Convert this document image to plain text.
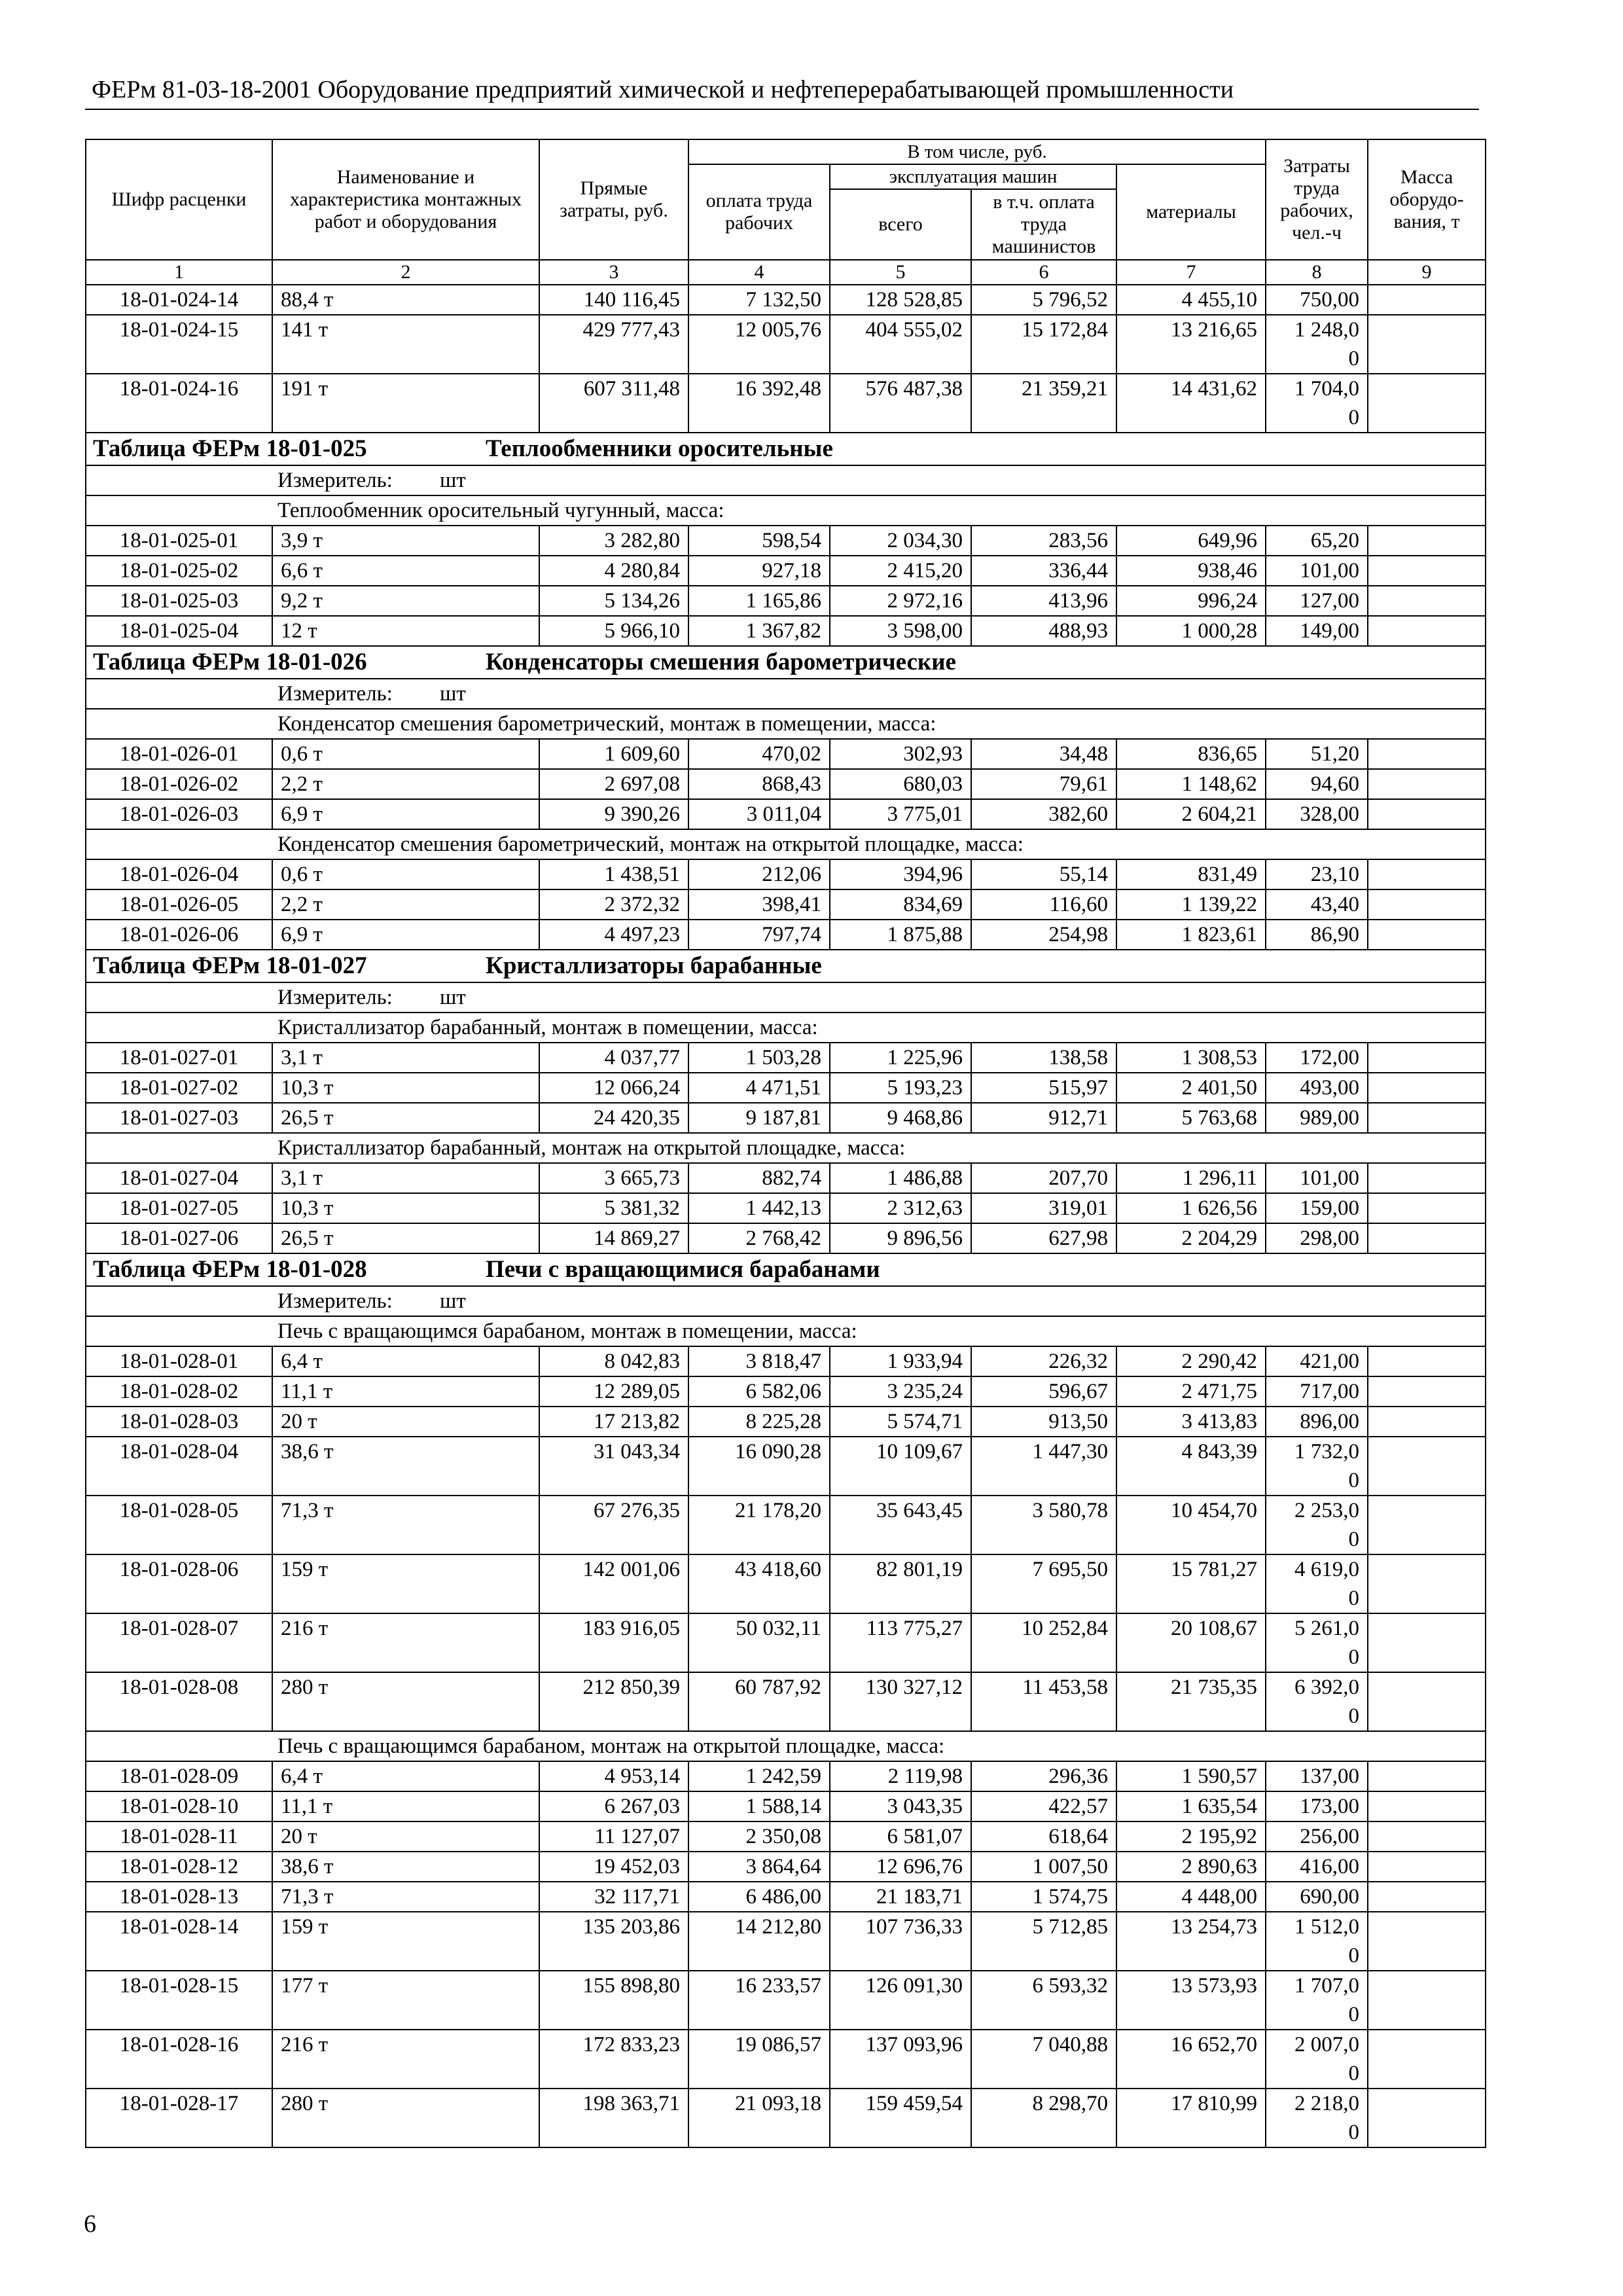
ФЕРм 81-03-18-2001 Оборудование предприятий химической и нефтеперерабатывающей промышленности
Шифр расценки	Наименование и характеристика монтажных работ и оборудования	Прямые затраты, руб.	В том числе, руб.				Затраты труда рабочих, чел.-ч	Масса оборудо-вания, т
			оплата труда рабочих	эксплуатация машин		материалы		
				всего	в т.ч. оплата труда машинистов			
1	2	3	4	5	6	7	8	9
18-01-024-14	88,4 т	140 116,45	7 132,50	128 528,85	5 796,52	4 455,10	750,00	

18-01-024-15	141 т	429 777,43	12 005,76	404 555,02	15 172,84	13 216,65	1 248,0
0	

18-01-024-16	191 т	607 311,48	16 392,48	576 487,38	21 359,21	14 431,62	1 704,0
0	

Таблица ФЕРм 18-01-025 Теплообменники оросительные								
Измеритель: шт								
Теплообменник оросительный чугунный, масса:								
18-01-025-01	3,9 т	3 282,80	598,54	2 034,30	283,56	649,96	65,20	

18-01-025-02	6,6 т	4 280,84	927,18	2 415,20	336,44	938,46	101,00	

18-01-025-03	9,2 т	5 134,26	1 165,86	2 972,16	413,96	996,24	127,00	

18-01-025-04	12 т	5 966,10	1 367,82	3 598,00	488,93	1 000,28	149,00	

Таблица ФЕРм 18-01-026 Конденсаторы смешения барометрические								
Измеритель: шт								
Конденсатор смешения барометрический, монтаж в помещении, масса:								
18-01-026-01	0,6 т	1 609,60	470,02	302,93	34,48	836,65	51,20	

18-01-026-02	2,2 т	2 697,08	868,43	680,03	79,61	1 148,62	94,60	

18-01-026-03	6,9 т	9 390,26	3 011,04	3 775,01	382,60	2 604,21	328,00	

Конденсатор смешения барометрический, монтаж на открытой площадке, масса:								
18-01-026-04	0,6 т	1 438,51	212,06	394,96	55,14	831,49	23,10	

18-01-026-05	2,2 т	2 372,32	398,41	834,69	116,60	1 139,22	43,40	

18-01-026-06	6,9 т	4 497,23	797,74	1 875,88	254,98	1 823,61	86,90	

Таблица ФЕРм 18-01-027 Кристаллизаторы барабанные								
Измеритель: шт								
Кристаллизатор барабанный, монтаж в помещении, масса:								
18-01-027-01	3,1 т	4 037,77	1 503,28	1 225,96	138,58	1 308,53	172,00	

18-01-027-02	10,3 т	12 066,24	4 471,51	5 193,23	515,97	2 401,50	493,00	

18-01-027-03	26,5 т	24 420,35	9 187,81	9 468,86	912,71	5 763,68	989,00	

Кристаллизатор барабанный, монтаж на открытой площадке, масса:								
18-01-027-04	3,1 т	3 665,73	882,74	1 486,88	207,70	1 296,11	101,00	

18-01-027-05	10,3 т	5 381,32	1 442,13	2 312,63	319,01	1 626,56	159,00	

18-01-027-06	26,5 т	14 869,27	2 768,42	9 896,56	627,98	2 204,29	298,00	

Таблица ФЕРм 18-01-028 Печи с вращающимися барабанами								
Измеритель: шт								
Печь с вращающимся барабаном, монтаж в помещении, масса:								
18-01-028-01	6,4 т	8 042,83	3 818,47	1 933,94	226,32	2 290,42	421,00	

18-01-028-02	11,1 т	12 289,05	6 582,06	3 235,24	596,67	2 471,75	717,00	

18-01-028-03	20 т	17 213,82	8 225,28	5 574,71	913,50	3 413,83	896,00	

18-01-028-04	38,6 т	31 043,34	16 090,28	10 109,67	1 447,30	4 843,39	1 732,0
0	

18-01-028-05	71,3 т	67 276,35	21 178,20	35 643,45	3 580,78	10 454,70	2 253,0
0	

18-01-028-06	159 т	142 001,06	43 418,60	82 801,19	7 695,50	15 781,27	4 619,0
0	

18-01-028-07	216 т	183 916,05	50 032,11	113 775,27	10 252,84	20 108,67	5 261,0
0	

18-01-028-08	280 т	212 850,39	60 787,92	130 327,12	11 453,58	21 735,35	6 392,0
0	

Печь с вращающимся барабаном, монтаж на открытой площадке, масса:								
18-01-028-09	6,4 т	4 953,14	1 242,59	2 119,98	296,36	1 590,57	137,00	

18-01-028-10	11,1 т	6 267,03	1 588,14	3 043,35	422,57	1 635,54	173,00	

18-01-028-11	20 т	11 127,07	2 350,08	6 581,07	618,64	2 195,92	256,00	

18-01-028-12	38,6 т	19 452,03	3 864,64	12 696,76	1 007,50	2 890,63	416,00	

18-01-028-13	71,3 т	32 117,71	6 486,00	21 183,71	1 574,75	4 448,00	690,00	

18-01-028-14	159 т	135 203,86	14 212,80	107 736,33	5 712,85	13 254,73	1 512,0
0	

18-01-028-15	177 т	155 898,80	16 233,57	126 091,30	6 593,32	13 573,93	1 707,0
0	

18-01-028-16	216 т	172 833,23	19 086,57	137 093,96	7 040,88	16 652,70	2 007,0
0	

18-01-028-17	280 т	198 363,71	21 093,18	159 459,54	8 298,70	17 810,99	2 218,0
0	

6
